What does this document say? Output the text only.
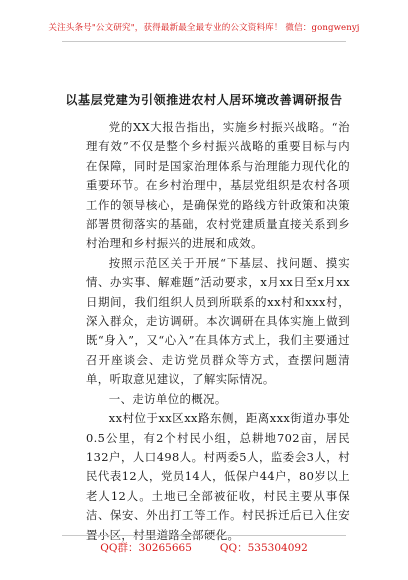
关注头条号"公文研究"，获得最新最全最专业的公文资料库！ 微信：gongwenyj
以基层党建为引领推进农村人居环境改善调研报告

党的XX大报告指出，实施乡村振兴战略。“治理有效”不仅是整个乡村振兴战略的重要目标与内在保障，同时是国家治理体系与治理能力现代化的重要环节。在乡村治理中，基层党组织是农村各项工作的领导核心，是确保党的路线方针政策和决策部署贯彻落实的基础，农村党建质量直接关系到乡村治理和乡村振兴的进展和成效。

按照示范区关于开展“下基层、找问题、摸实情、办实事、解难题”活动要求，x月xx日至x月xx日期间，我们组织人员到所联系的xx村和xxx村，深入群众，走访调研。本次调研在具体实施上做到既“身入”，又“心入”在具体方式上，我们主要通过召开座谈会、走访党员群众等方式，查摆问题清单，听取意见建议，了解实际情况。

一、走访单位的概况。

xx村位于xx区xx路东侧，距离xxx街道办事处0.5公里，有2个村民小组，总耕地702亩，居民132户，人口498人。村两委5人，监委会3人，村民代表12人，党员14人，低保户44户，80岁以上老人12人。土地已全部被征收，村民主要从事保洁、保安、外出打工等工作。村民拆迁后已入住安置小区，村里道路全部硬化。

QQ群：30265665	QQ：535304092
